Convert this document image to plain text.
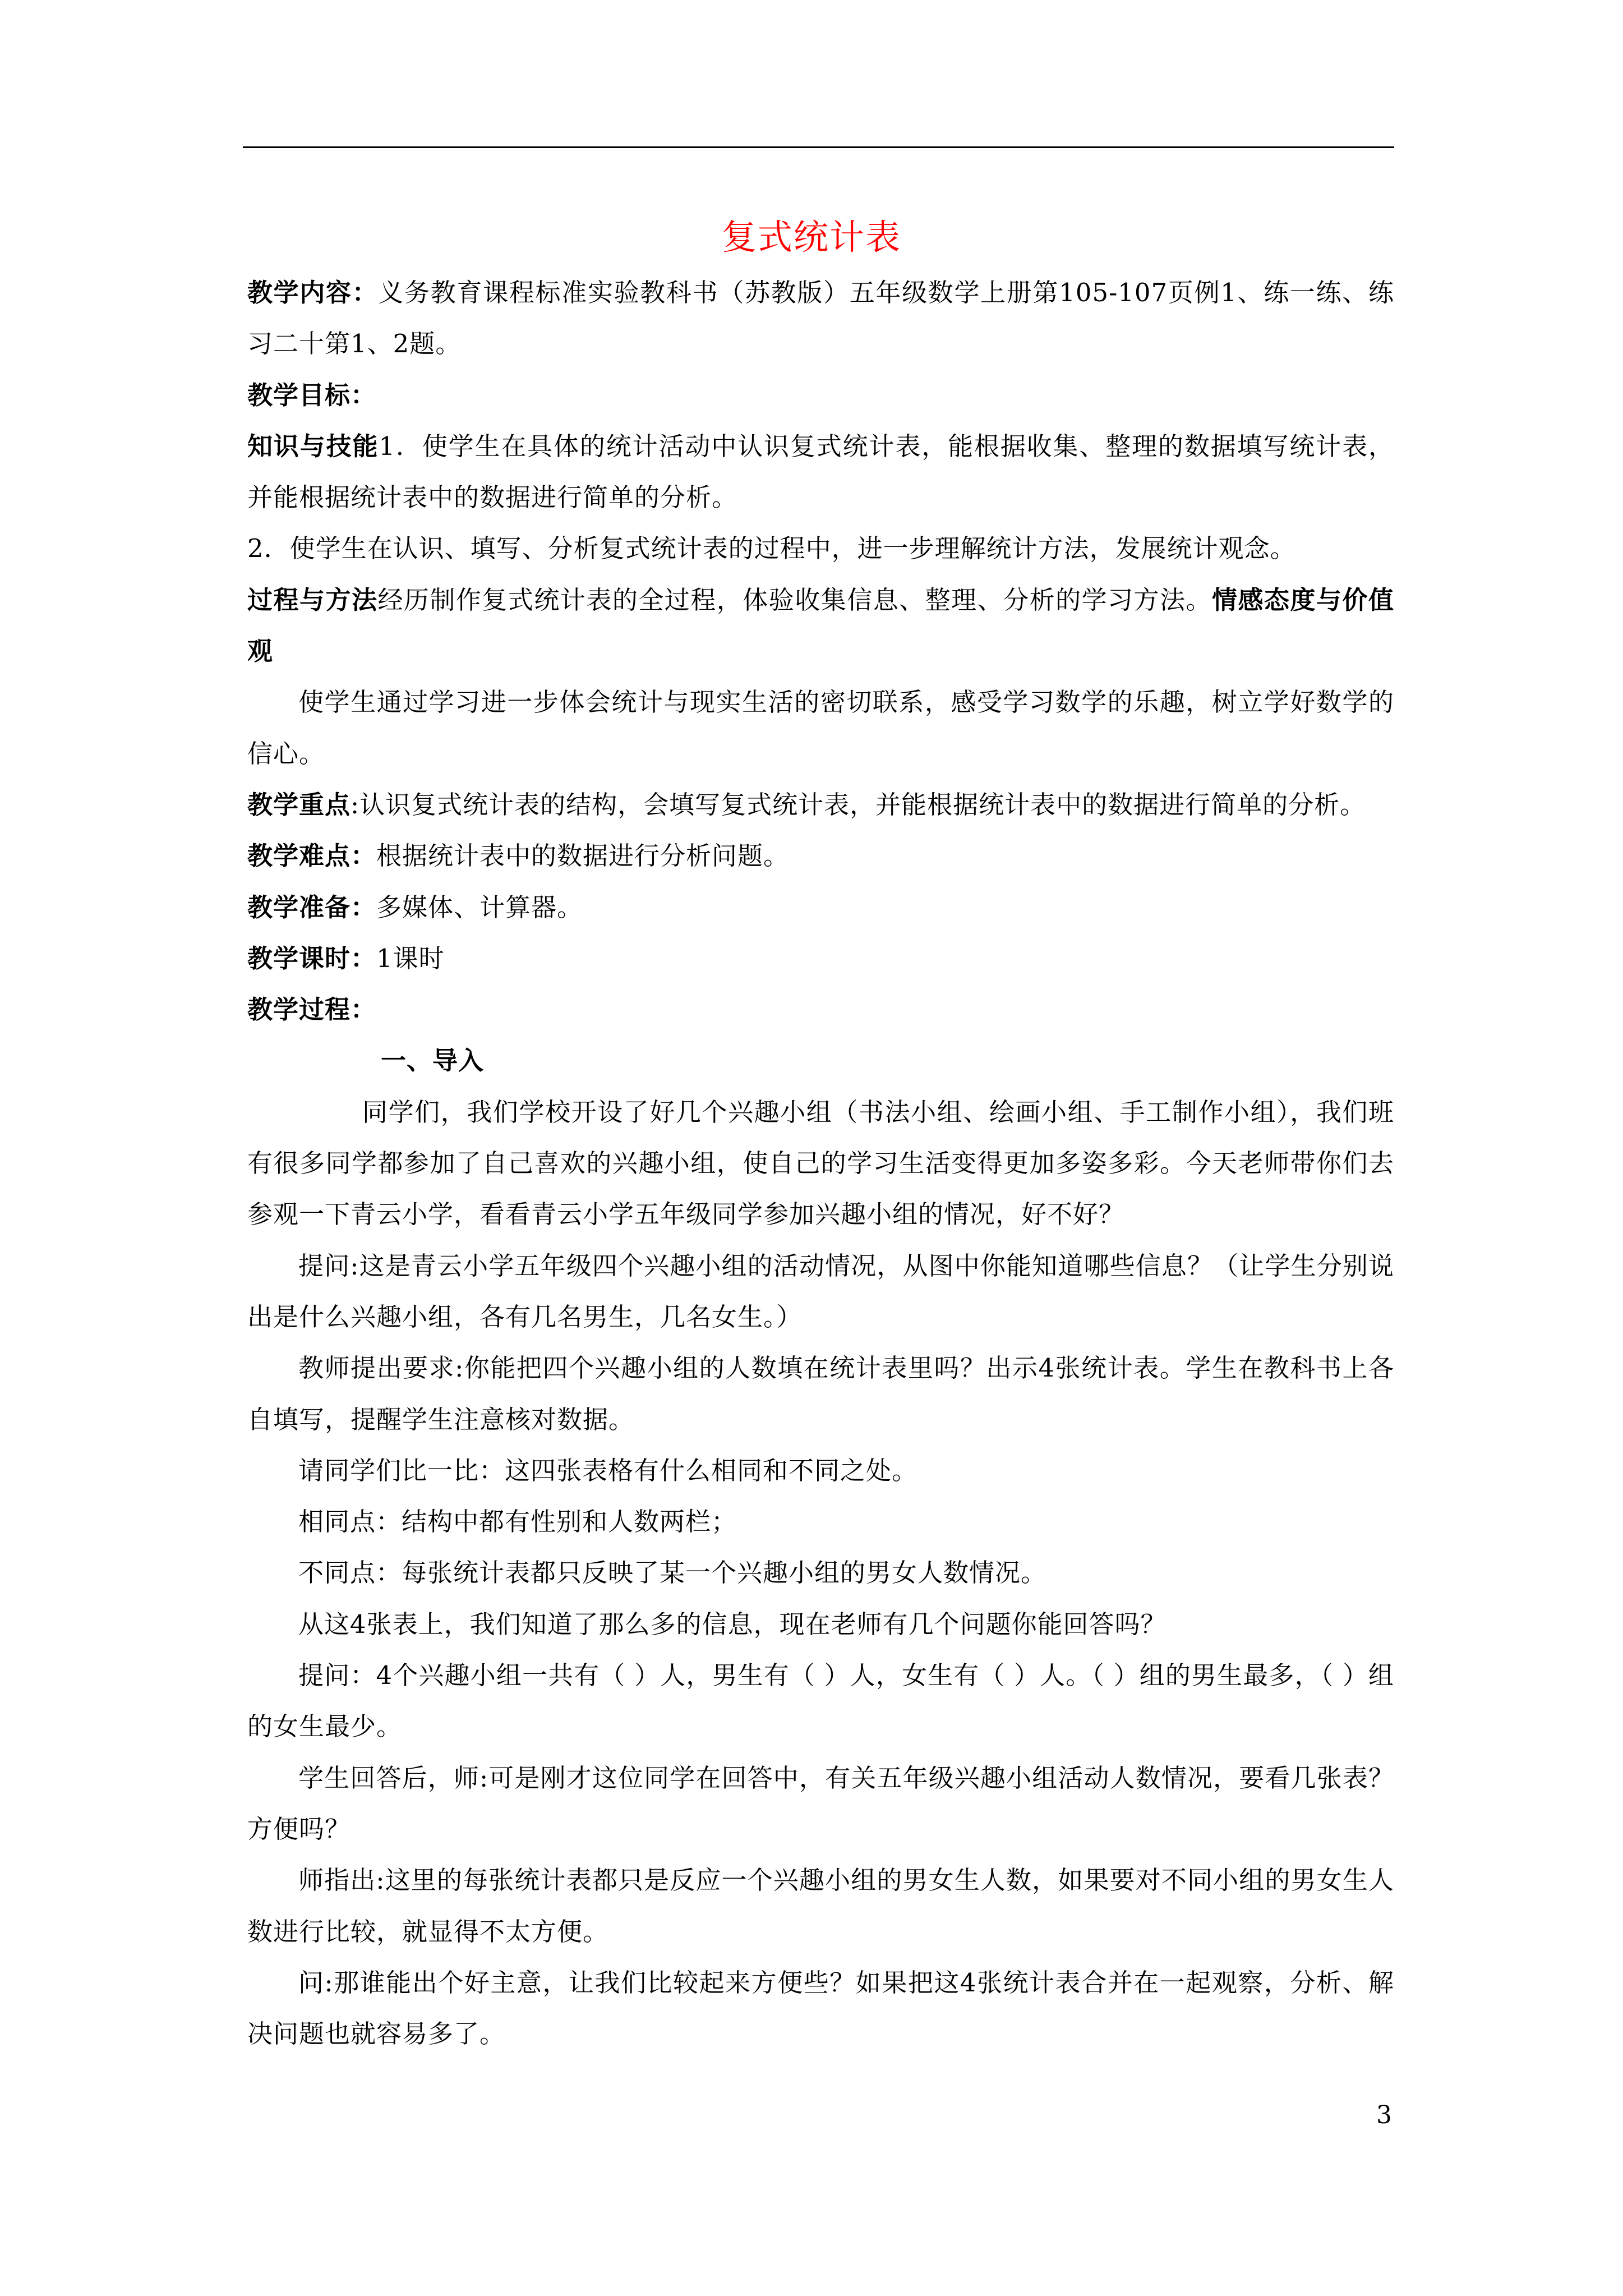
复式统计表

教学内容：义务教育课程标准实验教科书（苏教版）五年级数学上册第105-107页例1、练一练、练习二十第1、2题。

教学目标：

知识与技能1．使学生在具体的统计活动中认识复式统计表，能根据收集、整理的数据填写统计表，并能根据统计表中的数据进行简单的分析。

2．使学生在认识、填写、分析复式统计表的过程中，进一步理解统计方法，发展统计观念。

过程与方法经历制作复式统计表的全过程，体验收集信息、整理、分析的学习方法。情感态度与价值观

使学生通过学习进一步体会统计与现实生活的密切联系，感受学习数学的乐趣，树立学好数学的信心。

教学重点:认识复式统计表的结构，会填写复式统计表，并能根据统计表中的数据进行简单的分析。

教学难点：根据统计表中的数据进行分析问题。

教学准备：多媒体、计算器。

教学课时：1课时

教学过程：

一、导入

同学们，我们学校开设了好几个兴趣小组（书法小组、绘画小组、手工制作小组），我们班有很多同学都参加了自己喜欢的兴趣小组，使自己的学习生活变得更加多姿多彩。今天老师带你们去参观一下青云小学，看看青云小学五年级同学参加兴趣小组的情况，好不好？

提问:这是青云小学五年级四个兴趣小组的活动情况，从图中你能知道哪些信息？（让学生分别说出是什么兴趣小组，各有几名男生，几名女生。）

教师提出要求:你能把四个兴趣小组的人数填在统计表里吗？出示4张统计表。学生在教科书上各自填写，提醒学生注意核对数据。

请同学们比一比：这四张表格有什么相同和不同之处。

相同点：结构中都有性别和人数两栏；

不同点：每张统计表都只反映了某一个兴趣小组的男女人数情况。

从这4张表上，我们知道了那么多的信息，现在老师有几个问题你能回答吗？

提问：4个兴趣小组一共有（ ）人，男生有（ ）人，女生有（ ）人。（ ）组的男生最多，（ ）组的女生最少。

学生回答后，师:可是刚才这位同学在回答中，有关五年级兴趣小组活动人数情况，要看几张表？方便吗？

师指出:这里的每张统计表都只是反应一个兴趣小组的男女生人数，如果要对不同小组的男女生人数进行比较，就显得不太方便。

问:那谁能出个好主意，让我们比较起来方便些？如果把这4张统计表合并在一起观察，分析、解决问题也就容易多了。

3
